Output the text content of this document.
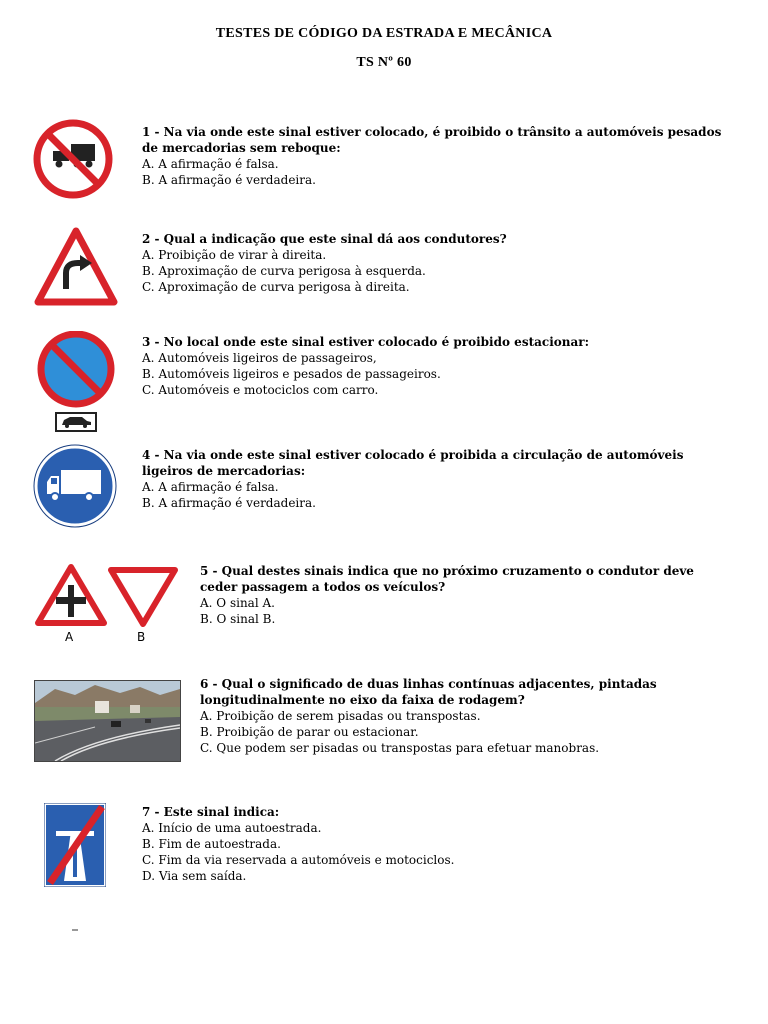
TESTES DE CÓDIGO DA ESTRADA E MECÂNICA
TS Nº 60
1 - Na via onde este sinal estiver colocado, é proibido o trânsito a automóveis pesados de mercadorias sem reboque:
A. A afirmação é falsa.
B. A afirmação é verdadeira.
2 - Qual a indicação que este sinal dá aos condutores?
A. Proibição de virar à direita.
B. Aproximação de curva perigosa à esquerda.
C. Aproximação de curva perigosa à direita.
3 - No local onde este sinal estiver colocado é proibido estacionar:
A. Automóveis ligeiros de passageiros,
B. Automóveis ligeiros e pesados de passageiros.
C. Automóveis e motociclos com carro.
4 - Na via onde este sinal estiver colocado é proibida a circulação de automóveis ligeiros de mercadorias:
A. A afirmação é falsa.
B. A afirmação é verdadeira.
A	B
5 - Qual destes sinais indica que no próximo cruzamento o condutor deve ceder passagem a todos os veículos?
A. O sinal A.
B. O sinal B.
6 - Qual o significado de duas linhas contínuas adjacentes, pintadas longitudinalmente no eixo da faixa de rodagem?
A. Proibição de serem pisadas ou transpostas.
B. Proibição de parar ou estacionar.
C. Que podem ser pisadas ou transpostas para efetuar manobras.
7 - Este sinal indica:
A. Início de uma autoestrada.
B. Fim de autoestrada.
C. Fim da via reservada a automóveis e motociclos.
D. Via sem saída.
